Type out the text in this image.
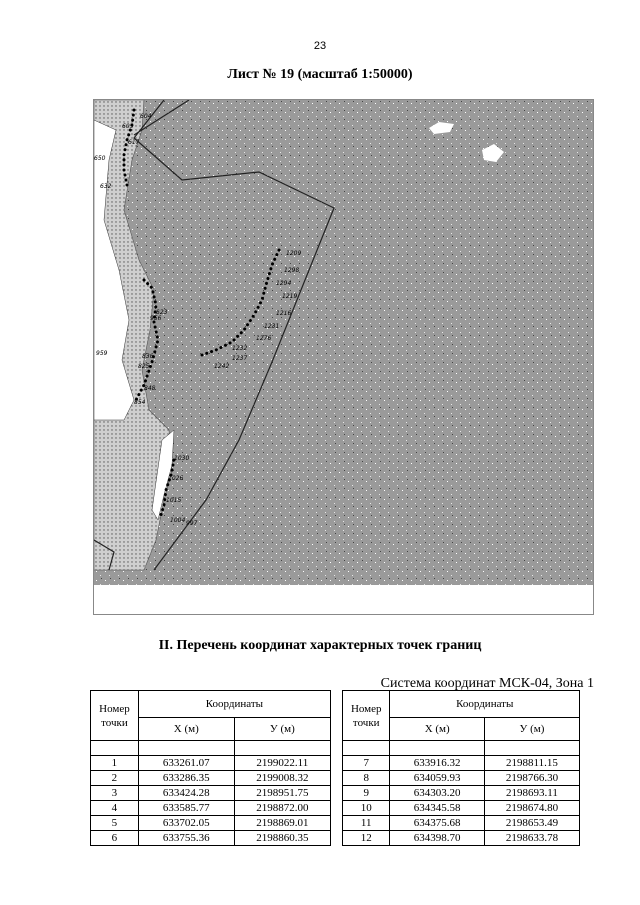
23
Лист № 19 (масштаб 1:50000)
604
605
617
650
632
1209
1298
1294
1216
1219
1276
1231
1232
1237
1242
959
956
823
825
836
848
854
1030
1026
1015
1004 997
II. Перечень координат характерных точек границ
Система координат МСК-04, Зона 1
Номер
точки	Координаты	
	X (м)	У (м)

1	633261.07	2199022.11
2	633286.35	2199008.32
3	633424.28	2198951.75
4	633585.77	2198872.00
5	633702.05	2198869.01
6	633755.36	2198860.35
Номер
точки	Координаты	
	X (м)	У (м)

7	633916.32	2198811.15
8	634059.93	2198766.30
9	634303.20	2198693.11
10	634345.58	2198674.80
11	634375.68	2198653.49
12	634398.70	2198633.78
